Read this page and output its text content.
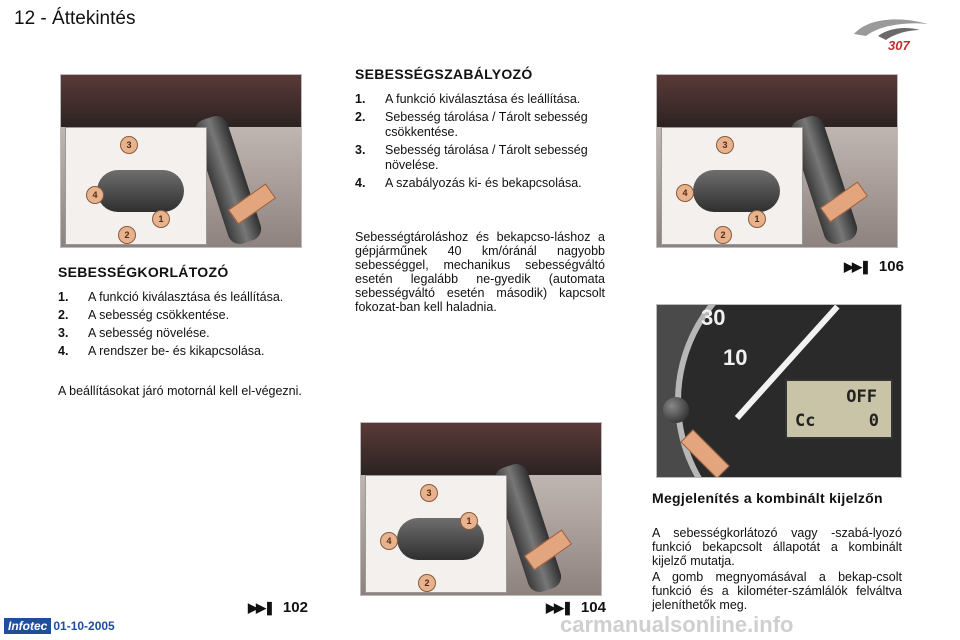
12 - Áttekintés
307
3
4
1
2
SEBESSÉGKORLÁTOZÓ
1. A funkció kiválasztása és leállítása.
2. A sebesség csökkentése.
3. A sebesség növelése.
4. A rendszer be- és kikapcsolása.
A beállításokat járó motornál kell el-végezni.
SEBESSÉGSZABÁLYOZÓ
1. A funkció kiválasztása és leállítása.
2. Sebesség tárolása / Tárolt sebesség csökkentése.
3. Sebesség tárolása / Tárolt sebesség növelése.
4. A szabályozás ki- és bekapcsolása.
Sebességtároláshoz és bekapcso-láshoz a gépjárműnek 40 km/óránál nagyobb sebességgel, mechanikus sebességváltó esetén legalább ne-gyedik (automata sebességváltó esetén második) kapcsolt fokozat-ban kell haladnia.
3
4
1
2
3
4
1
2
▶▶❚ 106
▶▶❚ 102	▶▶❚ 104
30
10
OFF
Cc	0
Megjelenítés a kombinált kijelzőn
A sebességkorlátozó vagy -szabá-lyozó funkció bekapcsolt állapotát a kombinált kijelző mutatja.
A gomb megnyomásával a bekap-csolt funkció és a kilométer-számlálók felváltva jeleníthetők meg.
Infotec 01-10-2005	carmanualsonline.info
